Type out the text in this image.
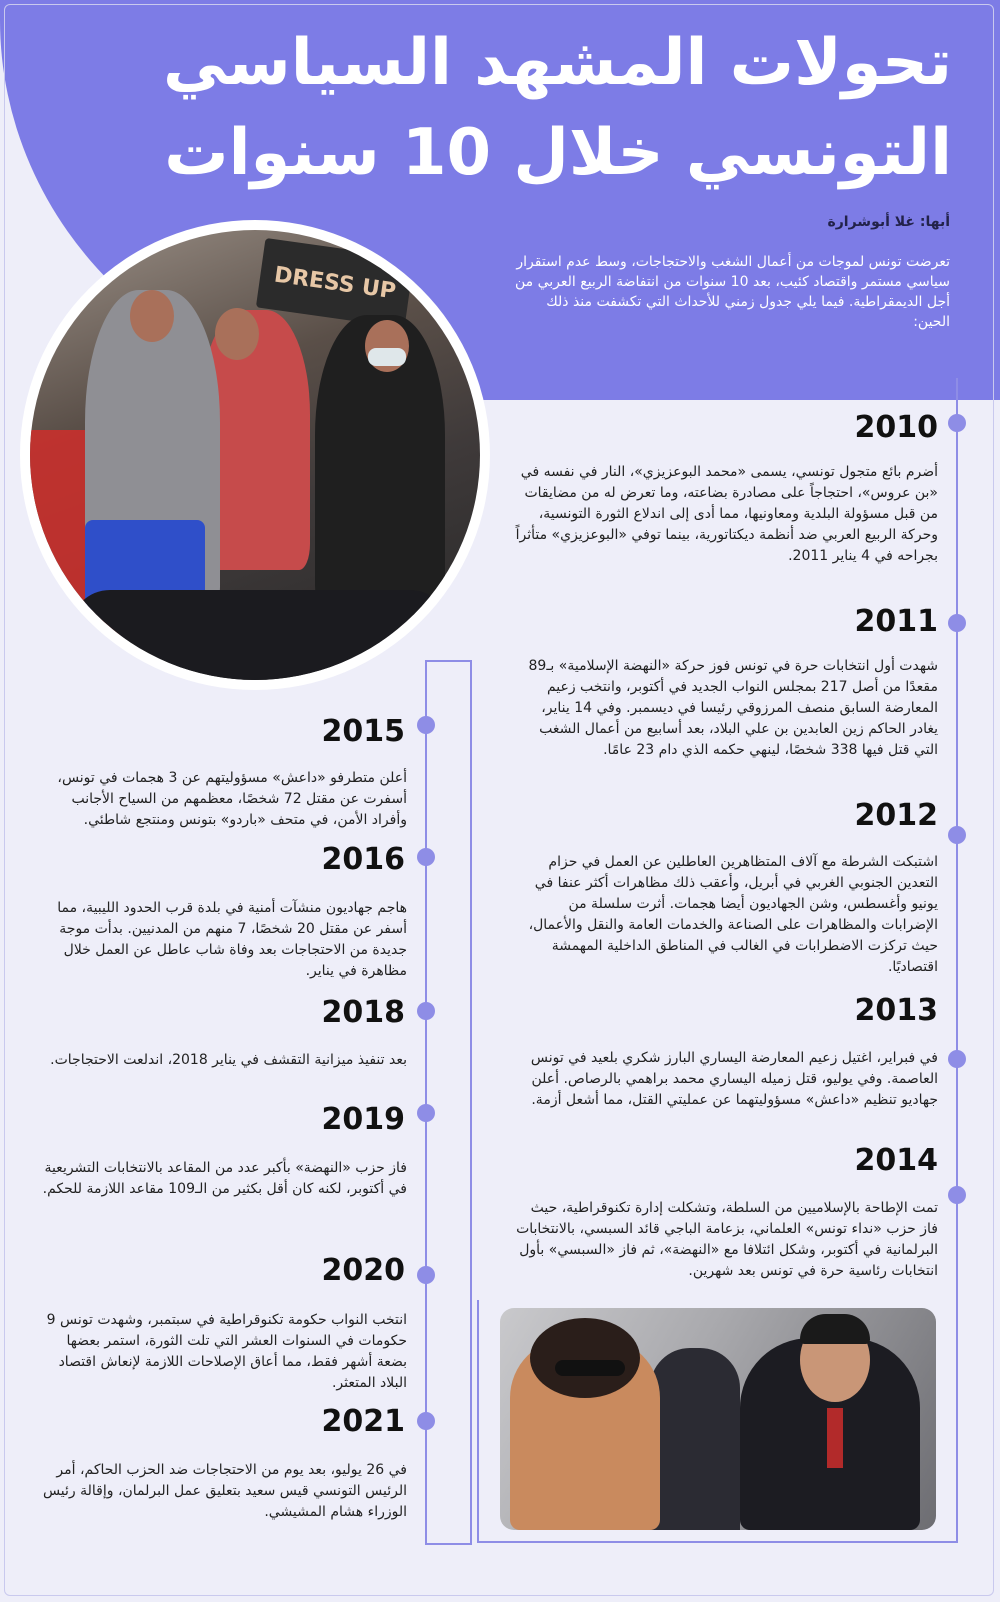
تحولات المشهد السياسي
التونسي خلال 10 سنوات
أبها: غلا أبوشرارة
تعرضت تونس لموجات من أعمال الشغب والاحتجاجات، وسط عدم استقرار سياسي مستمر واقتصاد كئيب، بعد 10 سنوات من انتفاضة الربيع العربي من أجل الديمقراطية. فيما يلي جدول زمني للأحداث التي تكشفت منذ ذلك الحين:
DRESS UP
2010
أضرم بائع متجول تونسي، يسمى «محمد البوعزيزي»، النار في نفسه في «بن عروس»، احتجاجاً على مصادرة بضاعته، وما تعرض له من مضايقات من قبل مسؤولة البلدية ومعاونيها، مما أدى إلى اندلاع الثورة التونسية، وحركة الربيع العربي ضد أنظمة ديكتاتورية، بينما توفي «البوعزيزي» متأثراً بجراحه في 4 يناير 2011.
2011
شهدت أول انتخابات حرة في تونس فوز حركة «النهضة الإسلامية» بـ89 مقعدًا من أصل 217 بمجلس النواب الجديد في أكتوبر، وانتخب زعيم المعارضة السابق منصف المرزوقي رئيسا في ديسمبر. وفي 14 يناير، يغادر الحاكم زين العابدين بن علي البلاد، بعد أسابيع من أعمال الشغب التي قتل فيها 338 شخصًا، لينهي حكمه الذي دام 23 عامًا.
2012
اشتبكت الشرطة مع آلاف المتظاهرين العاطلين عن العمل في حزام التعدين الجنوبي الغربي في أبريل، وأعقب ذلك مظاهرات أكثر عنفا في يونيو وأغسطس، وشن الجهاديون أيضا هجمات. أثرت سلسلة من الإضرابات والمظاهرات على الصناعة والخدمات العامة والنقل والأعمال، حيث تركزت الاضطرابات في الغالب في المناطق الداخلية المهمشة اقتصاديًا.
2013
في فبراير، اغتيل زعيم المعارضة اليساري البارز شكري بلعيد في تونس العاصمة. وفي يوليو، قتل زميله اليساري محمد براهمي بالرصاص. أعلن جهاديو تنظيم «داعش» مسؤوليتهما عن عمليتي القتل، مما أشعل أزمة.
2014
تمت الإطاحة بالإسلاميين من السلطة، وتشكلت إدارة تكنوقراطية، حيث فاز حزب «نداء تونس» العلماني، بزعامة الباجي قائد السبسي، بالانتخابات البرلمانية في أكتوبر، وشكل ائتلافا مع «النهضة»، ثم فاز «السبسي» بأول انتخابات رئاسية حرة في تونس بعد شهرين.
2015
أعلن متطرفو «داعش» مسؤوليتهم عن 3 هجمات في تونس، أسفرت عن مقتل 72 شخصًا، معظمهم من السياح الأجانب وأفراد الأمن، في متحف «باردو» بتونس ومنتجع شاطئي.
2016
هاجم جهاديون منشآت أمنية في بلدة قرب الحدود الليبية، مما أسفر عن مقتل 20 شخصًا، 7 منهم من المدنيين. بدأت موجة جديدة من الاحتجاجات بعد وفاة شاب عاطل عن العمل خلال مظاهرة في يناير.
2018
بعد تنفيذ ميزانية التقشف في يناير 2018، اندلعت الاحتجاجات.
2019
فاز حزب «النهضة» بأكبر عدد من المقاعد بالانتخابات التشريعية في أكتوبر، لكنه كان أقل بكثير من الـ109 مقاعد اللازمة للحكم.
2020
انتخب النواب حكومة تكنوقراطية في سبتمبر، وشهدت تونس 9 حكومات في السنوات العشر التي تلت الثورة، استمر بعضها بضعة أشهر فقط، مما أعاق الإصلاحات اللازمة لإنعاش اقتصاد البلاد المتعثر.
2021
في 26 يوليو، بعد يوم من الاحتجاجات ضد الحزب الحاكم، أمر الرئيس التونسي قيس سعيد بتعليق عمل البرلمان، وإقالة رئيس الوزراء هشام المشيشي.
